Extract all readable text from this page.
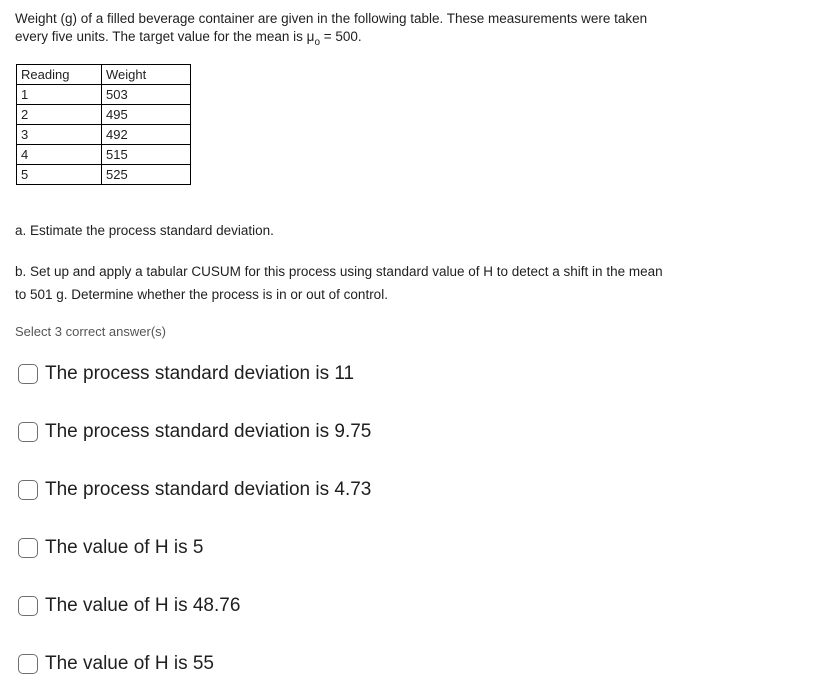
Weight (g) of a filled beverage container are given in the following table. These measurements were taken
every five units. The target value for the mean is $\mu_o = 500$.
Reading	Weight
1	503
2	495
3	492
4	515
5	525
a. Estimate the process standard deviation.
b. Set up and apply a tabular CUSUM for this process using standard value of H to detect a shift in the mean
to 501 g. Determine whether the process is in or out of control.
Select 3 correct answer(s)
The process standard deviation is 11
The process standard deviation is 9.75
The process standard deviation is 4.73
The value of H is 5
The value of H is 48.76
The value of H is 55
